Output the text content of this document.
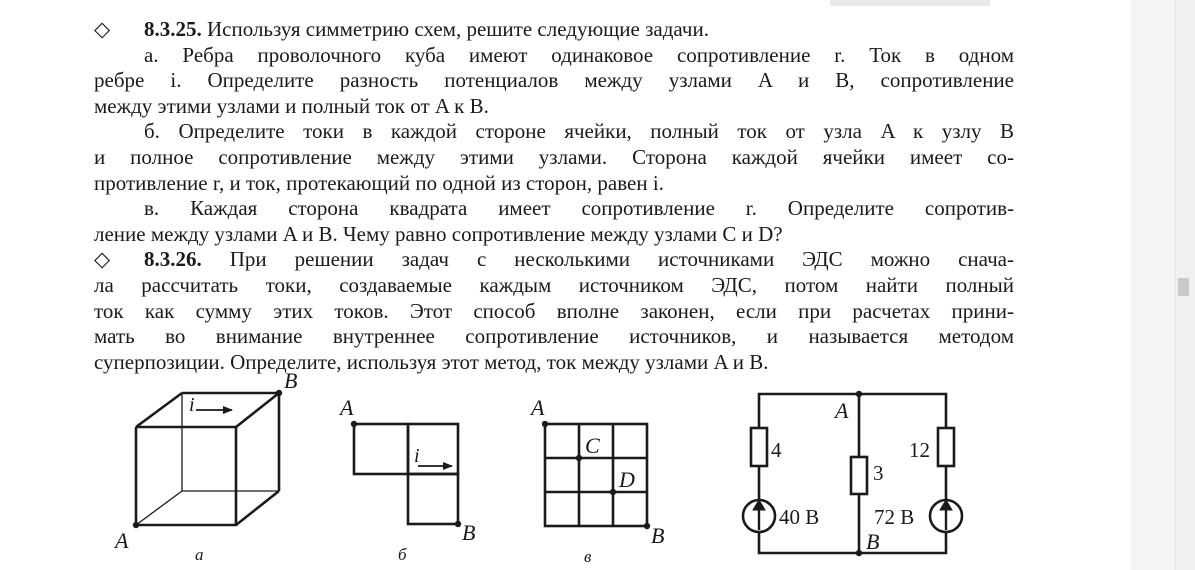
◇ 8.3.25. Используя симметрию схем, решите следующие задачи.
а. Ребра проволочного куба имеют одинаковое сопротивление r. Ток в одном
ребре i. Определите разность потенциалов между узлами A и B, сопротивление
между этими узлами и полный ток от A к B.
б. Определите токи в каждой стороне ячейки, полный ток от узла A к узлу B
и полное сопротивление между этими узлами. Сторона каждой ячейки имеет со-
противление r, и ток, протекающий по одной из сторон, равен i.
в. Каждая сторона квадрата имеет сопротивление r. Определите сопротив-
ление между узлами A и B. Чему равно сопротивление между узлами C и D?
◇ 8.3.26. При решении задач с несколькими источниками ЭДС можно снача-
ла рассчитать токи, создаваемые каждым источником ЭДС, потом найти полный
ток как сумму этих токов. Этот способ вполне законен, если при расчетах прини-
мать во внимание внутреннее сопротивление источников, и называется методом
суперпозиции. Определите, используя этот метод, ток между узлами A и B.
i
A
B
а
i
A
B
б
A
B
C
D
в
A
B
4
3
12
40 В	72 В
